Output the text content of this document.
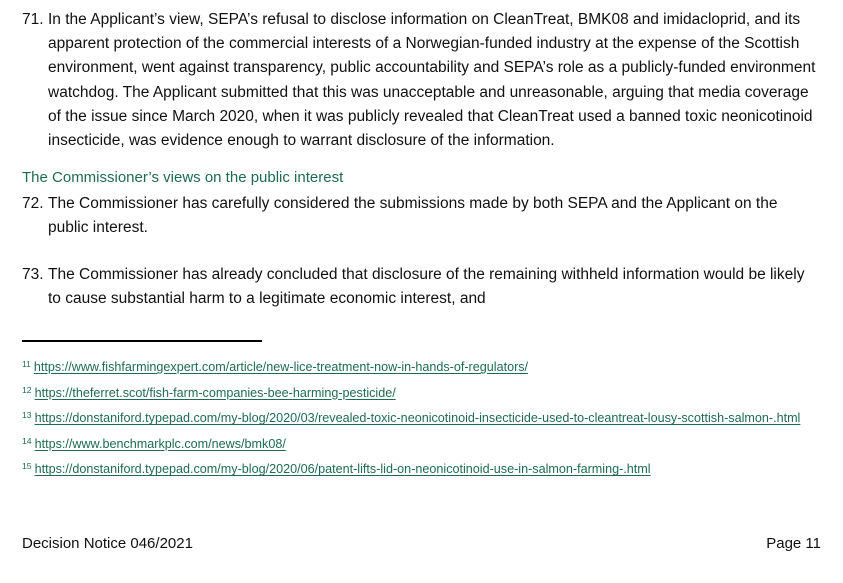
71. In the Applicant’s view, SEPA’s refusal to disclose information on CleanTreat, BMK08 and imidacloprid, and its apparent protection of the commercial interests of a Norwegian-funded industry at the expense of the Scottish environment, went against transparency, public accountability and SEPA’s role as a publicly-funded environment watchdog. The Applicant submitted that this was unacceptable and unreasonable, arguing that media coverage of the issue since March 2020, when it was publicly revealed that CleanTreat used a banned toxic neonicotinoid insecticide, was evidence enough to warrant disclosure of the information.
The Commissioner’s views on the public interest
72. The Commissioner has carefully considered the submissions made by both SEPA and the Applicant on the public interest.
73. The Commissioner has already concluded that disclosure of the remaining withheld information would be likely to cause substantial harm to a legitimate economic interest, and
$^{11}$ https://www.fishfarmingexpert.com/article/new-lice-treatment-now-in-hands-of-regulators/
$^{12}$ https://theferret.scot/fish-farm-companies-bee-harming-pesticide/
$^{13}$ https://donstaniford.typepad.com/my-blog/2020/03/revealed-toxic-neonicotinoid-insecticide-used-to-cleantreat-lousy-scottish-salmon-.html
$^{14}$ https://www.benchmarkplc.com/news/bmk08/
$^{15}$ https://donstaniford.typepad.com/my-blog/2020/06/patent-lifts-lid-on-neonicotinoid-use-in-salmon-farming-.html
Decision Notice 046/2021	Page 11
